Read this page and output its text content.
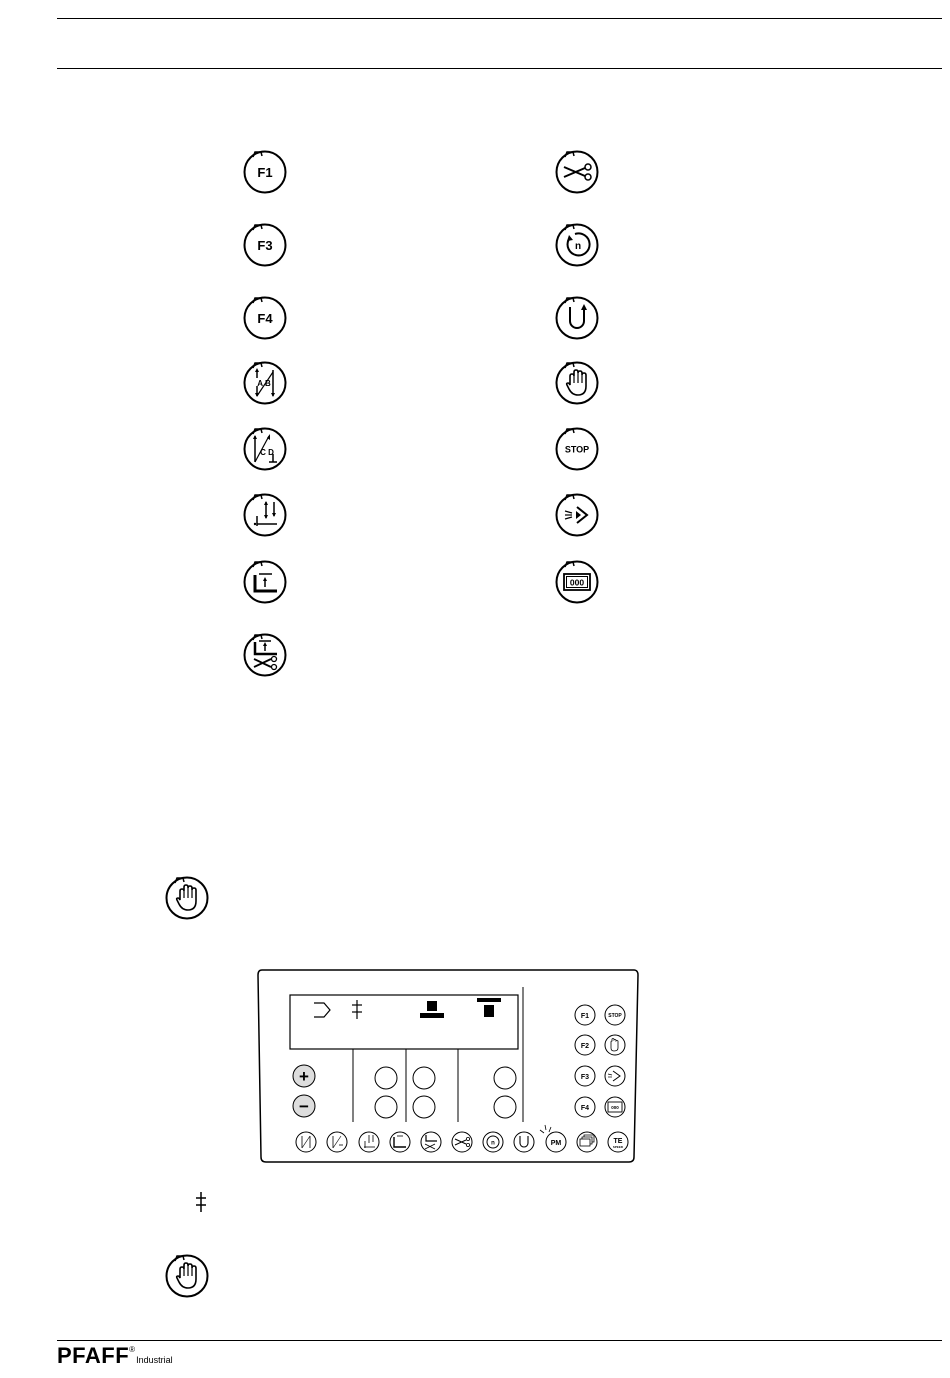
F1
F3
F4
A B
C D
n
STOP
000
+
−
F1	STOP
F2
F3
F4	000
n	PM	TE
SPEED
PFAFF®Industrial
